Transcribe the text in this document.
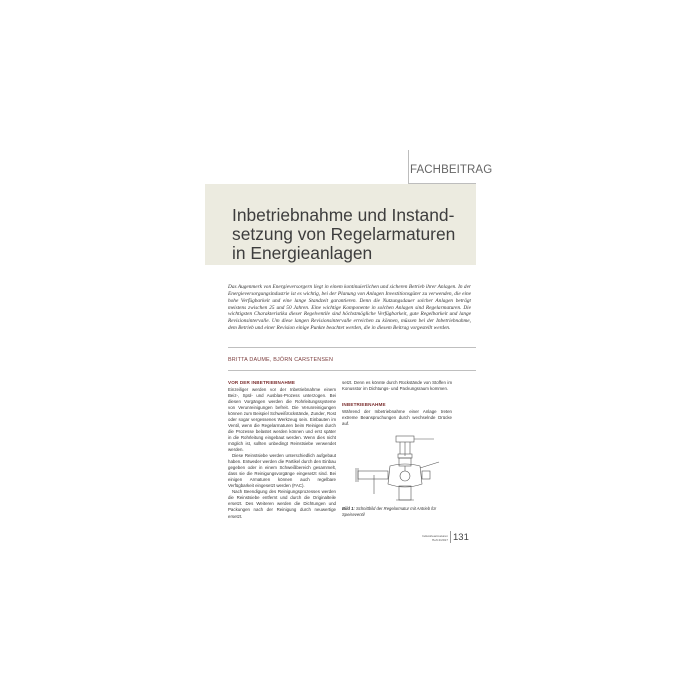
FACHBEITRAG
Inbetriebnahme und Instandsetzung von Regelarmaturen in Energieanlagen

Das Augenmerk von Energieversorgern liegt in einem kontinuierlichen und sicheren Betrieb ihrer Anlagen. In der Energieversorgungsindustrie ist es wichtig, bei der Planung von Anlagen Investitionsgüter zu verwenden, die eine hohe Verfügbarkeit und eine lange Standzeit garantieren. Denn die Nutzungsdauer solcher Anlagen beträgt meistens zwischen 25 und 50 Jahren. Eine wichtige Komponente in solchen Anlagen sind Regelarmaturen. Die wichtigsten Charakteristika dieser Regelventile sind höchstmögliche Verfügbarkeit, gute Regelbarkeit und lange Revisionsintervalle. Um diese langen Revisionsintervalle erreichen zu können, müssen bei der Inbetriebnahme, dem Betrieb und einer Revision einige Punkte beachtet werden, die in diesem Beitrag vorgestellt werden.

BRITTA DAUME, BJÖRN CARSTENSEN
VOR DER INBETRIEBNAHME

Einzeiliger werden vor der Inbetriebnahme einem Beiz-, Spül- und Ausblas-Prozess unterzogen. Bei diesen Vorgängen werden die Rohrleitungssysteme von Verunreinigungen befreit. Die Verunreinigungen können zum Beispiel Schweißrückstände, Zunder, Rost oder sogar vergessenes Werkzeug sein. Einbauten im Ventil, wenn die Regelarmaturen beim Reinigen durch die Prozesse belastet werden können und erst später in die Rohrleitung eingebaut werden. Wenn dies nicht möglich ist, sollten unbedingt Reinstsiebe verwendet werden.

Diese Reinstsiebe werden unterschiedlich aufgebaut haben. Entweder werden die Partikel durch den Einbau gegeben oder in einem Schweißbereich gesammelt, dass sie die Reinigungsvorgänge eingesetzt sind. Bei einigen Armaturen können auch regelbare Verfügbarkeit eingesetzt werden (FAC).

Nach Beendigung des Reinigungsprozesses werden die Reinstsiebe entfernt und durch die Originalteile ersetzt. Des Weiteren werden die Dichtungen und Packungen nach der Reinigung durch neuwertige ersetzt.

setzt. Denn es könnte durch Rückstände von Stoffen im Konusstor im Dichtungs- und Packungsraum kommen.

INBETRIEBNAHME

Während der Inbetriebnahme einer Anlage treten extreme Beanspruchungen durch wechselnde Drücke auf.

Bild 1: Schnittbild der Regelarmatur mit Antrieb für Speiseventil
Industriearmaturen
Heft 2/2017 131
